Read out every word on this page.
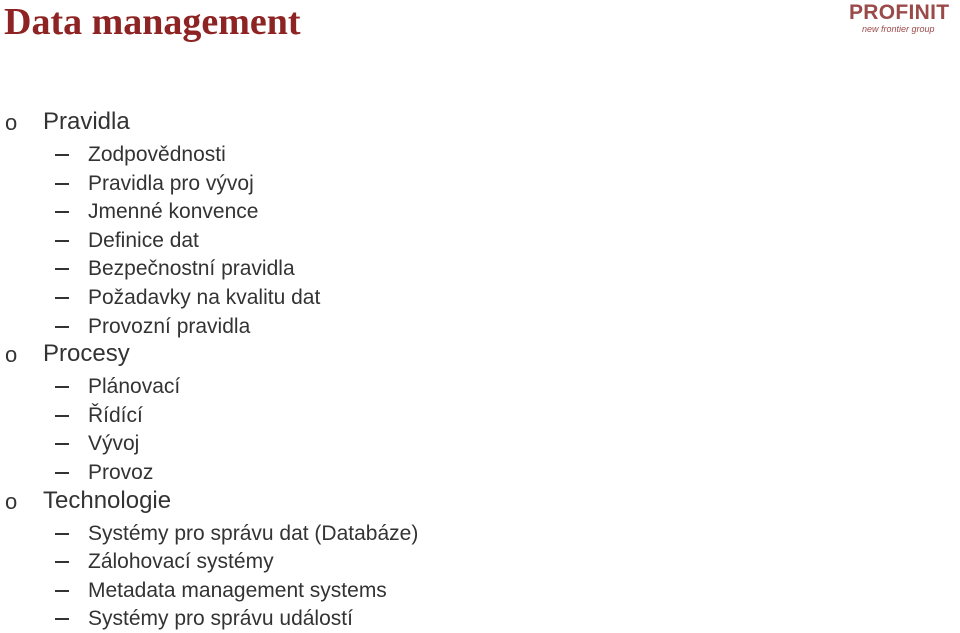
Data management	PROFINIT
new frontier group
o Pravidla
Zodpovědnosti
Pravidla pro vývoj
Jmenné konvence
Definice dat
Bezpečnostní pravidla
Požadavky na kvalitu dat
Provozní pravidla
o Procesy
Plánovací
Řídící
Vývoj
Provoz
o Technologie
Systémy pro správu dat (Databáze)
Zálohovací systémy
Metadata management systems
Systémy pro správu událostí
